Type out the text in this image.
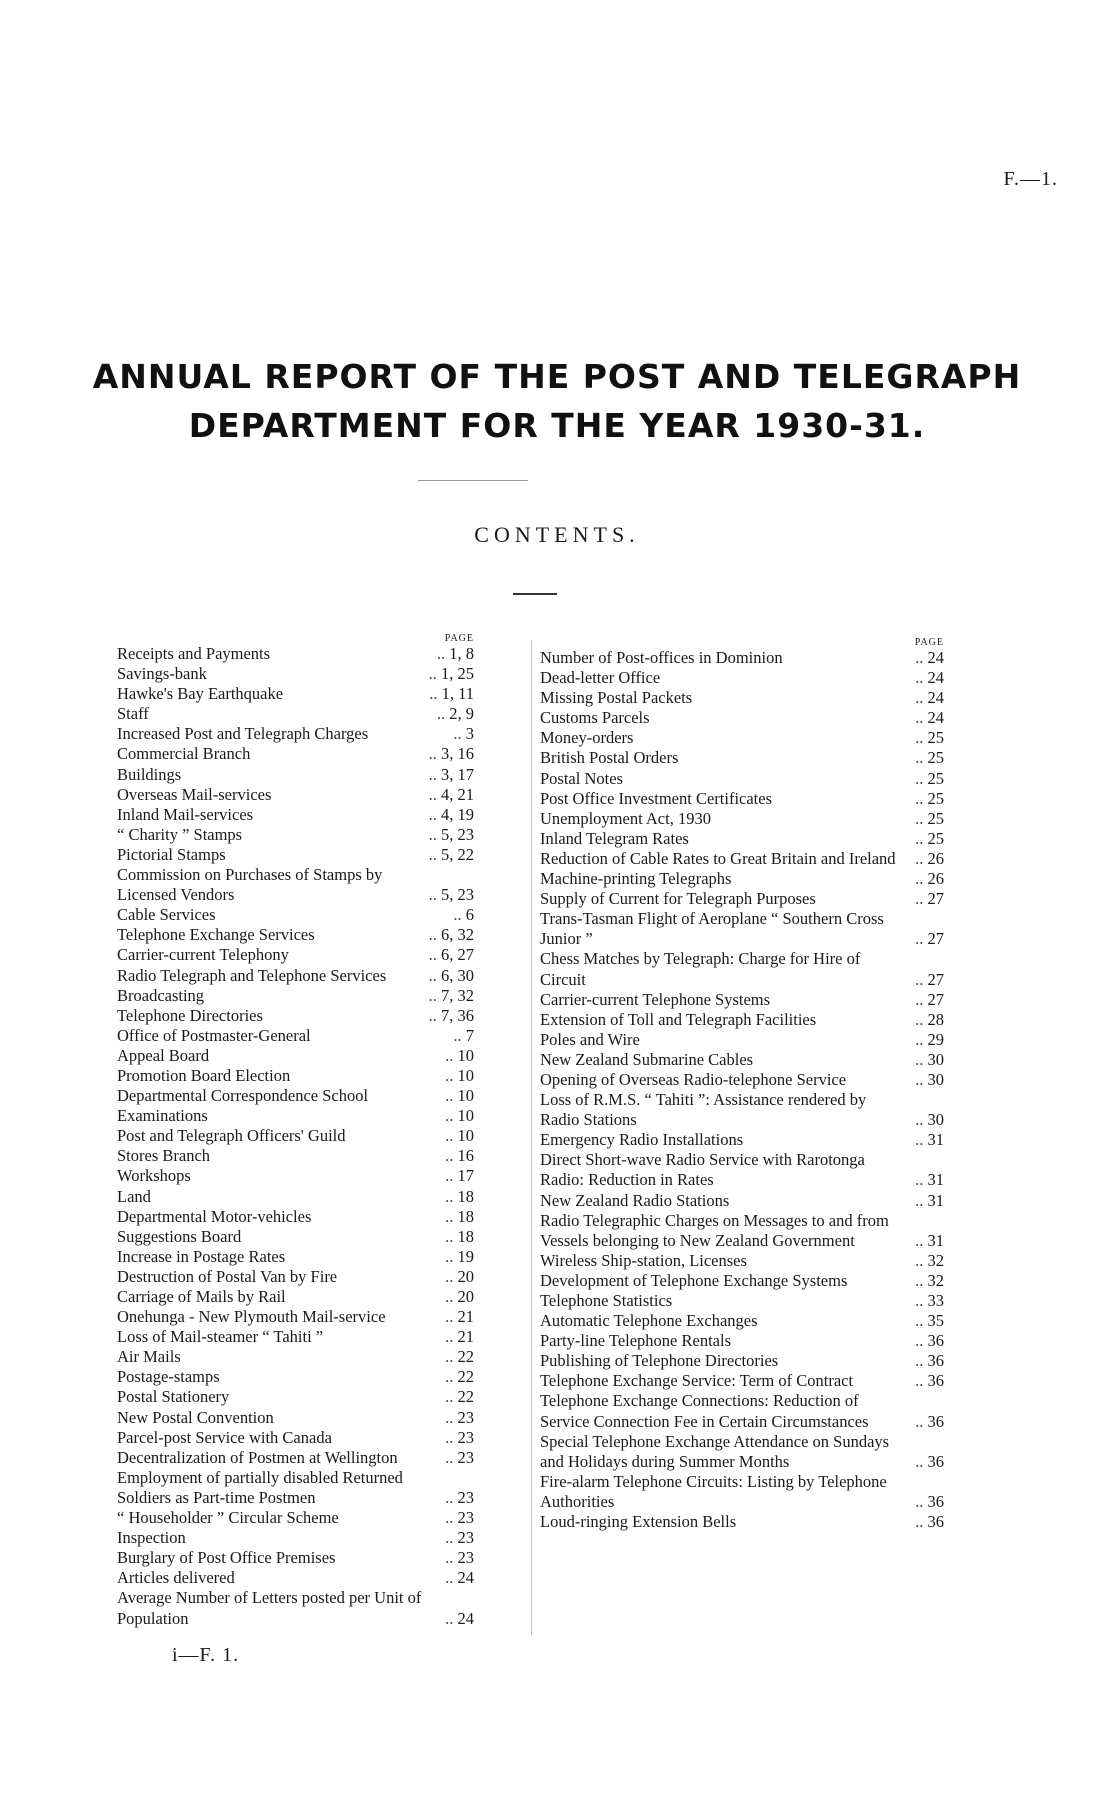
F.—1.
ANNUAL REPORT OF THE POST AND TELEGRAPH
DEPARTMENT FOR THE YEAR 1930-31.
CONTENTS.
PAGE
Receipts and Payments	.. 1, 8
Savings-bank	.. 1, 25
Hawke's Bay Earthquake	.. 1, 11
Staff	.. 2, 9
Increased Post and Telegraph Charges	.. 3
Commercial Branch	.. 3, 16
Buildings	.. 3, 17
Overseas Mail-services	.. 4, 21
Inland Mail-services	.. 4, 19
“ Charity ” Stamps	.. 5, 23
Pictorial Stamps	.. 5, 22
Commission on Purchases of Stamps by Licensed Vendors	.. 5, 23
Cable Services	.. 6
Telephone Exchange Services	.. 6, 32
Carrier-current Telephony	.. 6, 27
Radio Telegraph and Telephone Services	.. 6, 30
Broadcasting	.. 7, 32
Telephone Directories	.. 7, 36
Office of Postmaster-General	.. 7
Appeal Board	.. 10
Promotion Board Election	.. 10
Departmental Correspondence School	.. 10
Examinations	.. 10
Post and Telegraph Officers' Guild	.. 10
Stores Branch	.. 16
Workshops	.. 17
Land	.. 18
Departmental Motor-vehicles	.. 18
Suggestions Board	.. 18
Increase in Postage Rates	.. 19
Destruction of Postal Van by Fire	.. 20
Carriage of Mails by Rail	.. 20
Onehunga - New Plymouth Mail-service	.. 21
Loss of Mail-steamer “ Tahiti ”	.. 21
Air Mails	.. 22
Postage-stamps	.. 22
Postal Stationery	.. 22
New Postal Convention	.. 23
Parcel-post Service with Canada	.. 23
Decentralization of Postmen at Wellington	.. 23
Employment of partially disabled Returned Soldiers as Part-time Postmen	.. 23
“ Householder ” Circular Scheme	.. 23
Inspection	.. 23
Burglary of Post Office Premises	.. 23
Articles delivered	.. 24
Average Number of Letters posted per Unit of Population	.. 24
PAGE
Number of Post-offices in Dominion	.. 24
Dead-letter Office	.. 24
Missing Postal Packets	.. 24
Customs Parcels	.. 24
Money-orders	.. 25
British Postal Orders	.. 25
Postal Notes	.. 25
Post Office Investment Certificates	.. 25
Unemployment Act, 1930	.. 25
Inland Telegram Rates	.. 25
Reduction of Cable Rates to Great Britain and Ireland	.. 26
Machine-printing Telegraphs	.. 26
Supply of Current for Telegraph Purposes	.. 27
Trans-Tasman Flight of Aeroplane “ Southern Cross Junior ”	.. 27
Chess Matches by Telegraph: Charge for Hire of Circuit	.. 27
Carrier-current Telephone Systems	.. 27
Extension of Toll and Telegraph Facilities	.. 28
Poles and Wire	.. 29
New Zealand Submarine Cables	.. 30
Opening of Overseas Radio-telephone Service	.. 30
Loss of R.M.S. “ Tahiti ”: Assistance rendered by Radio Stations	.. 30
Emergency Radio Installations	.. 31
Direct Short-wave Radio Service with Rarotonga Radio: Reduction in Rates	.. 31
New Zealand Radio Stations	.. 31
Radio Telegraphic Charges on Messages to and from Vessels belonging to New Zealand Government	.. 31
Wireless Ship-station, Licenses	.. 32
Development of Telephone Exchange Systems	.. 32
Telephone Statistics	.. 33
Automatic Telephone Exchanges	.. 35
Party-line Telephone Rentals	.. 36
Publishing of Telephone Directories	.. 36
Telephone Exchange Service: Term of Contract	.. 36
Telephone Exchange Connections: Reduction of Service Connection Fee in Certain Circumstances	.. 36
Special Telephone Exchange Attendance on Sundays and Holidays during Summer Months	.. 36
Fire-alarm Telephone Circuits: Listing by Telephone Authorities	.. 36
Loud-ringing Extension Bells	.. 36
i—F. 1.
